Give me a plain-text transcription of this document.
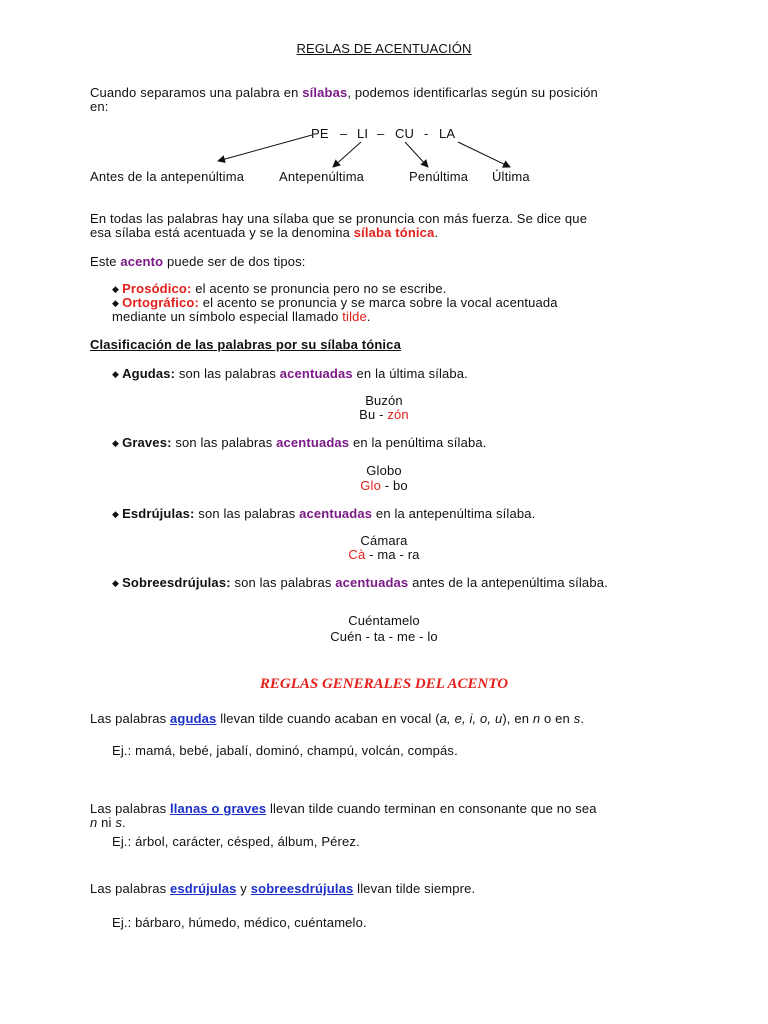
REGLAS DE ACENTUACIÓN
Cuando separamos una palabra en sílabas, podemos identificarlas según su posición
en:
PE – LI – CU - LA
Antes de la antepenúltima	Antepenúltima	Penúltima Última
En todas las palabras hay una sílaba que se pronuncia con más fuerza. Se dice que
esa sílaba está acentuada y se la denomina sílaba tónica.
Este acento puede ser de dos tipos:
◆ Prosódico: el acento se pronuncia pero no se escribe.
◆ Ortográfico: el acento se pronuncia y se marca sobre la vocal acentuada
mediante un símbolo especial llamado tilde.
Clasificación de las palabras por su sílaba tónica
◆ Agudas: son las palabras acentuadas en la última sílaba.
Buzón
Bu - zón
◆ Graves: son las palabras acentuadas en la penúltima sílaba.
Globo
Glo - bo
◆ Esdrújulas: son las palabras acentuadas en la antepenúltima sílaba.
Cámara
Cà - ma - ra
◆ Sobreesdrújulas: son las palabras acentuadas antes de la antepenúltima sílaba.
Cuéntamelo
Cuén - ta - me - lo
REGLAS GENERALES DEL ACENTO
Las palabras agudas llevan tilde cuando acaban en vocal (a, e, i, o, u), en n o en s.
Ej.: mamá, bebé, jabalí, dominó, champú, volcán, compás.
Las palabras llanas o graves llevan tilde cuando terminan en consonante que no sea
n ni s.
Ej.: árbol, carácter, césped, álbum, Pérez.
Las palabras esdrújulas y sobreesdrújulas llevan tilde siempre.
Ej.: bárbaro, húmedo, médico, cuéntamelo.
